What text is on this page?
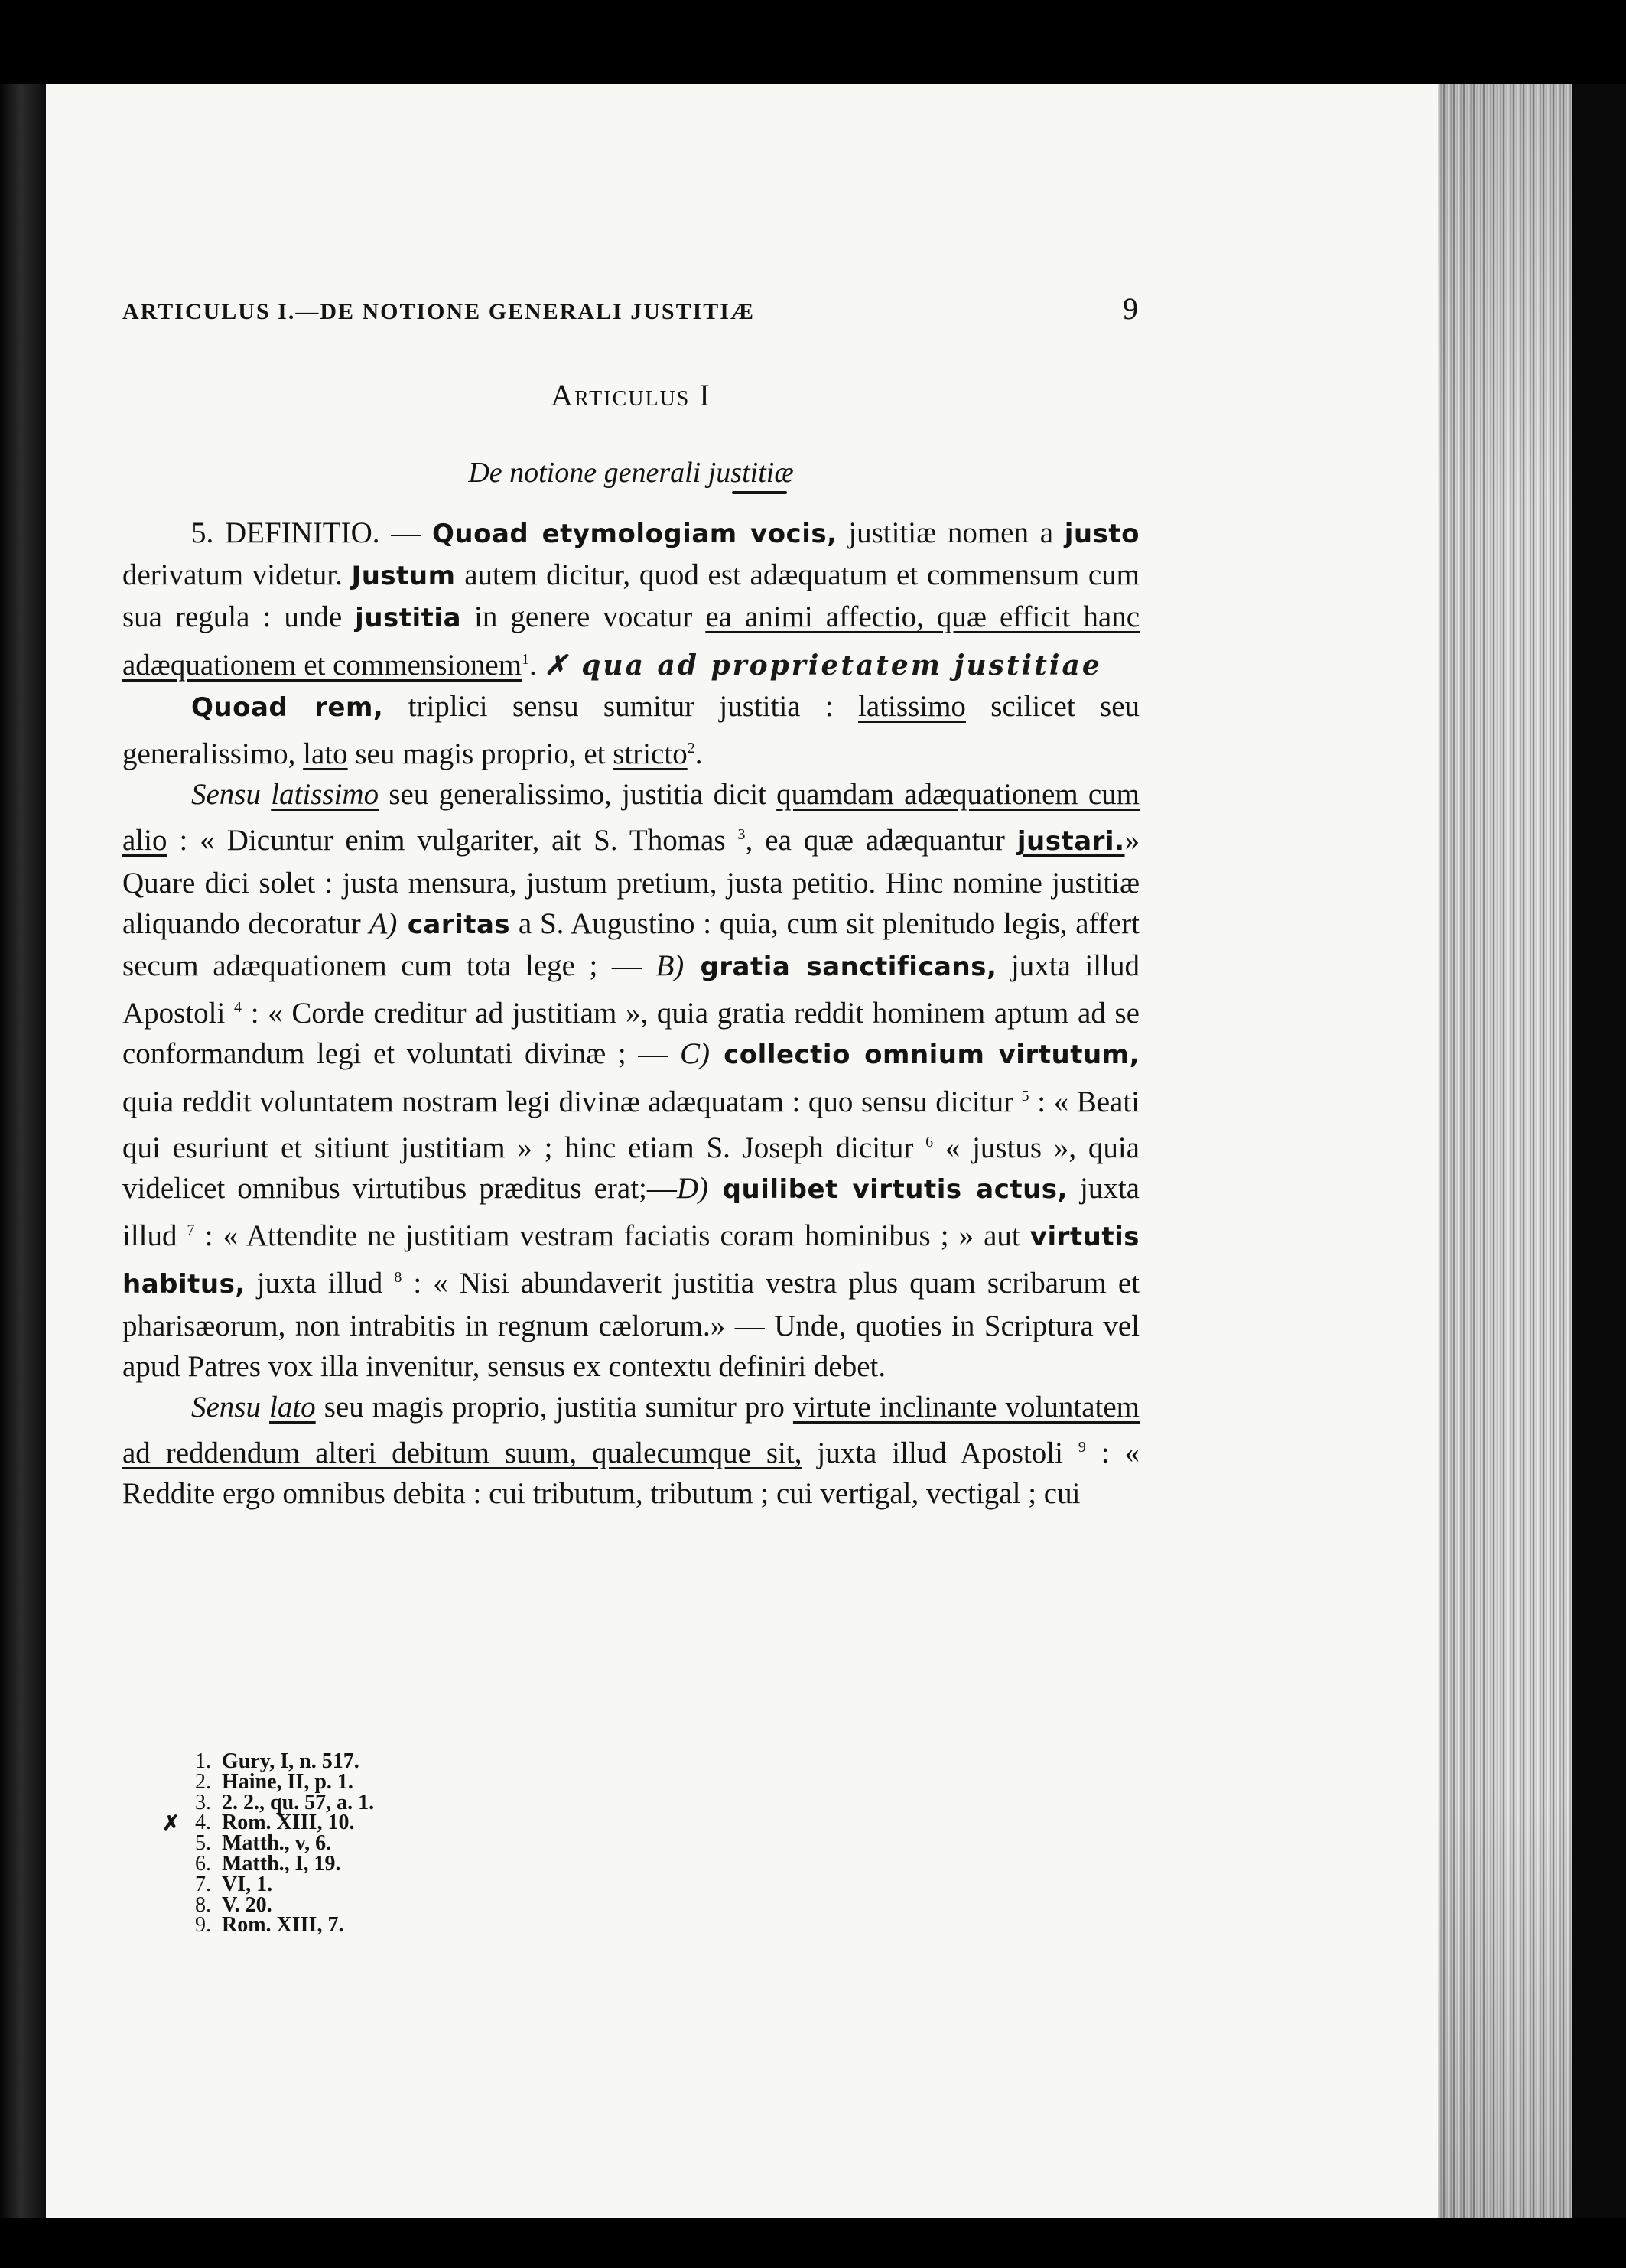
ARTICULUS I.—DE NOTIONE GENERALI JUSTITIÆ	9
Articulus I
De notione generali justitiæ

5. DEFINITIO. — Quoad etymologiam vocis, justitiæ nomen a justo derivatum videtur. Justum autem dicitur, quod est adæquatum et commensum cum sua regula : unde justitia in genere vocatur ea animi affectio, quæ efficit hanc adæquationem et commensionem$^1$. ✗ qua ad proprietatem justitiae

Quoad rem, triplici sensu sumitur justitia : latissimo scilicet seu generalissimo, lato seu magis proprio, et stricto$^2$.

Sensu latissimo seu generalissimo, justitia dicit quamdam adæquationem cum alio : « Dicuntur enim vulgariter, ait S. Thomas $^3$, ea quæ adæquantur justari.» Quare dici solet : justa mensura, justum pretium, justa petitio. Hinc nomine justitiæ aliquando decoratur A) caritas a S. Augustino : quia, cum sit plenitudo legis, affert secum adæquationem cum tota lege ; — B) gratia sanctificans, juxta illud Apostoli $^4$ : « Corde creditur ad justitiam », quia gratia reddit hominem aptum ad se conformandum legi et voluntati divinæ ; — C) collectio omnium virtutum, quia reddit voluntatem nostram legi divinæ adæquatam : quo sensu dicitur $^5$ : « Beati qui esuriunt et sitiunt justitiam » ; hinc etiam S. Joseph dicitur $^6$ « justus », quia videlicet omnibus virtutibus præditus erat;—D) quilibet virtutis actus, juxta illud $^7$ : « Attendite ne justitiam vestram faciatis coram hominibus ; » aut virtutis habitus, juxta illud $^8$ : « Nisi abundaverit justitia vestra plus quam scribarum et pharisæorum, non intrabitis in regnum cælorum.» — Unde, quoties in Scriptura vel apud Patres vox illa invenitur, sensus ex contextu definiri debet.

Sensu lato seu magis proprio, justitia sumitur pro virtute inclinante voluntatem ad reddendum alteri debitum suum, qualecumque sit, juxta illud Apostoli $^9$ : « Reddite ergo omnibus debita : cui tributum, tributum ; cui vertigal, vectigal ; cui

✗
1. Gury, I, n. 517.
2. Haine, II, p. 1.
3. 2. 2., qu. 57, a. 1.
4. Rom. XIII, 10.
5. Matth., v, 6.
6. Matth., I, 19.
7. VI, 1.
8. V. 20.
9. Rom. XIII, 7.
